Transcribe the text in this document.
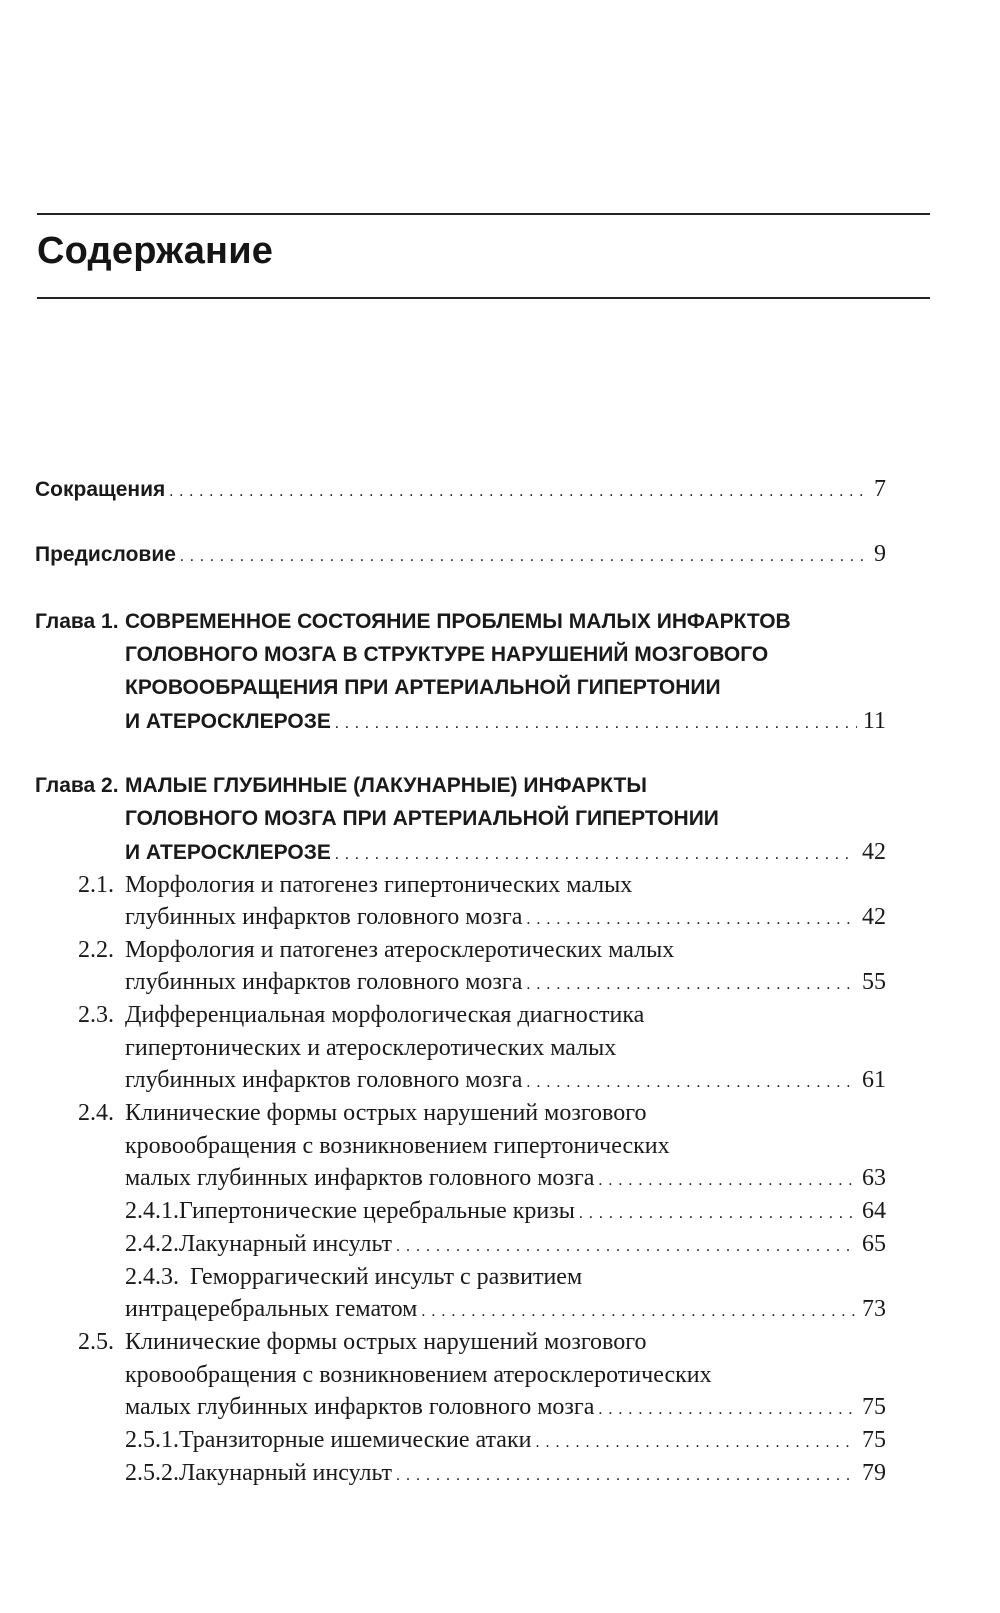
Содержание
Сокращения . . .	7
Предисловие . . .	9
Глава 1. СОВРЕМЕННОЕ СОСТОЯНИЕ ПРОБЛЕМЫ МАЛЫХ ИНФАРКТОВ
ГОЛОВНОГО МОЗГА В СТРУКТУРЕ НАРУШЕНИЙ МОЗГОВОГО
КРОВООБРАЩЕНИЯ ПРИ АРТЕРИАЛЬНОЙ ГИПЕРТОНИИ
И АТЕРОСКЛЕРОЗЕ . . .	11
Глава 2. МАЛЫЕ ГЛУБИННЫЕ (ЛАКУНАРНЫЕ) ИНФАРКТЫ
ГОЛОВНОГО МОЗГА ПРИ АРТЕРИАЛЬНОЙ ГИПЕРТОНИИ
И АТЕРОСКЛЕРОЗЕ . . .	42
2.1. Морфология и патогенез гипертонических малых
глубинных инфарктов головного мозга . . .	42
2.2. Морфология и патогенез атеросклеротических малых
глубинных инфарктов головного мозга . . .	55
2.3. Дифференциальная морфологическая диагностика
гипертонических и атеросклеротических малых
глубинных инфарктов головного мозга . . .	61
2.4. Клинические формы острых нарушений мозгового
кровообращения с возникновением гипертонических
малых глубинных инфарктов головного мозга . . .	63
2.4.1. Гипертонические церебральные кризы . . .	64
2.4.2. Лакунарный инсульт . . .	65
2.4.3. Геморрагический инсульт с развитием
интрацеребральных гематом . . .	73
2.5. Клинические формы острых нарушений мозгового
кровообращения с возникновением атеросклеротических
малых глубинных инфарктов головного мозга . . .	75
2.5.1. Транзиторные ишемические атаки . . .	75
2.5.2. Лакунарный инсульт . . .	79
